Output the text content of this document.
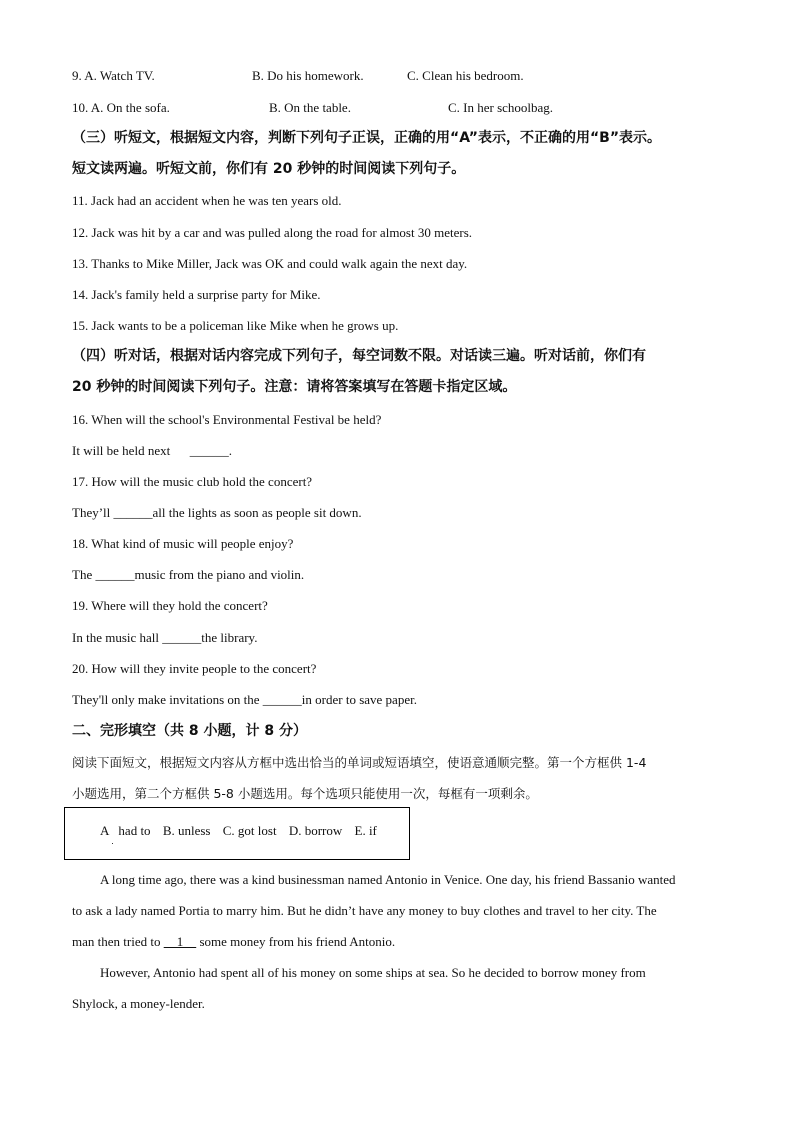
9. A. Watch TV.	B. Do his homework.	C. Clean his bedroom.
10. A. On the sofa.	B. On the table.	C. In her schoolbag.
（三）听短文，根据短文内容，判断下列句子正误，正确的用“A”表示，不正确的用“B”表示。
短文读两遍。听短文前，你们有 20 秒钟的时间阅读下列句子。
11. Jack had an accident when he was ten years old.
12. Jack was hit by a car and was pulled along the road for almost 30 meters.
13. Thanks to Mike Miller, Jack was OK and could walk again the next day.
14. Jack's family held a surprise party for Mike.
15. Jack wants to be a policeman like Mike when he grows up.
（四）听对话，根据对话内容完成下列句子，每空词数不限。对话读三遍。听对话前，你们有
20 秒钟的时间阅读下列句子。注意：请将答案填写在答题卡指定区域。
16. When will the school's Environmental Festival be held?
It will be held next      ______.
17. How will the music club hold the concert?
They’ll ______all the lights as soon as people sit down.
18. What kind of music will people enjoy?
The ______music from the piano and violin.
19. Where will they hold the concert?
In the music hall ______the library.
20. How will they invite people to the concert?
They'll only make invitations on the ______in order to save paper.
二、完形填空（共 8 小题，计 8 分）
阅读下面短文，根据短文内容从方框中选出恰当的单词或短语填空，使语意通顺完整。第一个方框供 1-4
小题选用，第二个方框供 5-8 小题选用。每个选项只能使用一次，每框有一项剩余。
A   had to B. unless C. got lost D. borrow E. if
A long time ago, there was a kind businessman named Antonio in Venice. One day, his friend Bassanio wanted
to ask a lady named Portia to marry him. But he didn’t have any money to buy clothes and travel to her city. The
man then tried to     1     some money from his friend Antonio.
However, Antonio had spent all of his money on some ships at sea. So he decided to borrow money from
Shylock, a money-lender.
